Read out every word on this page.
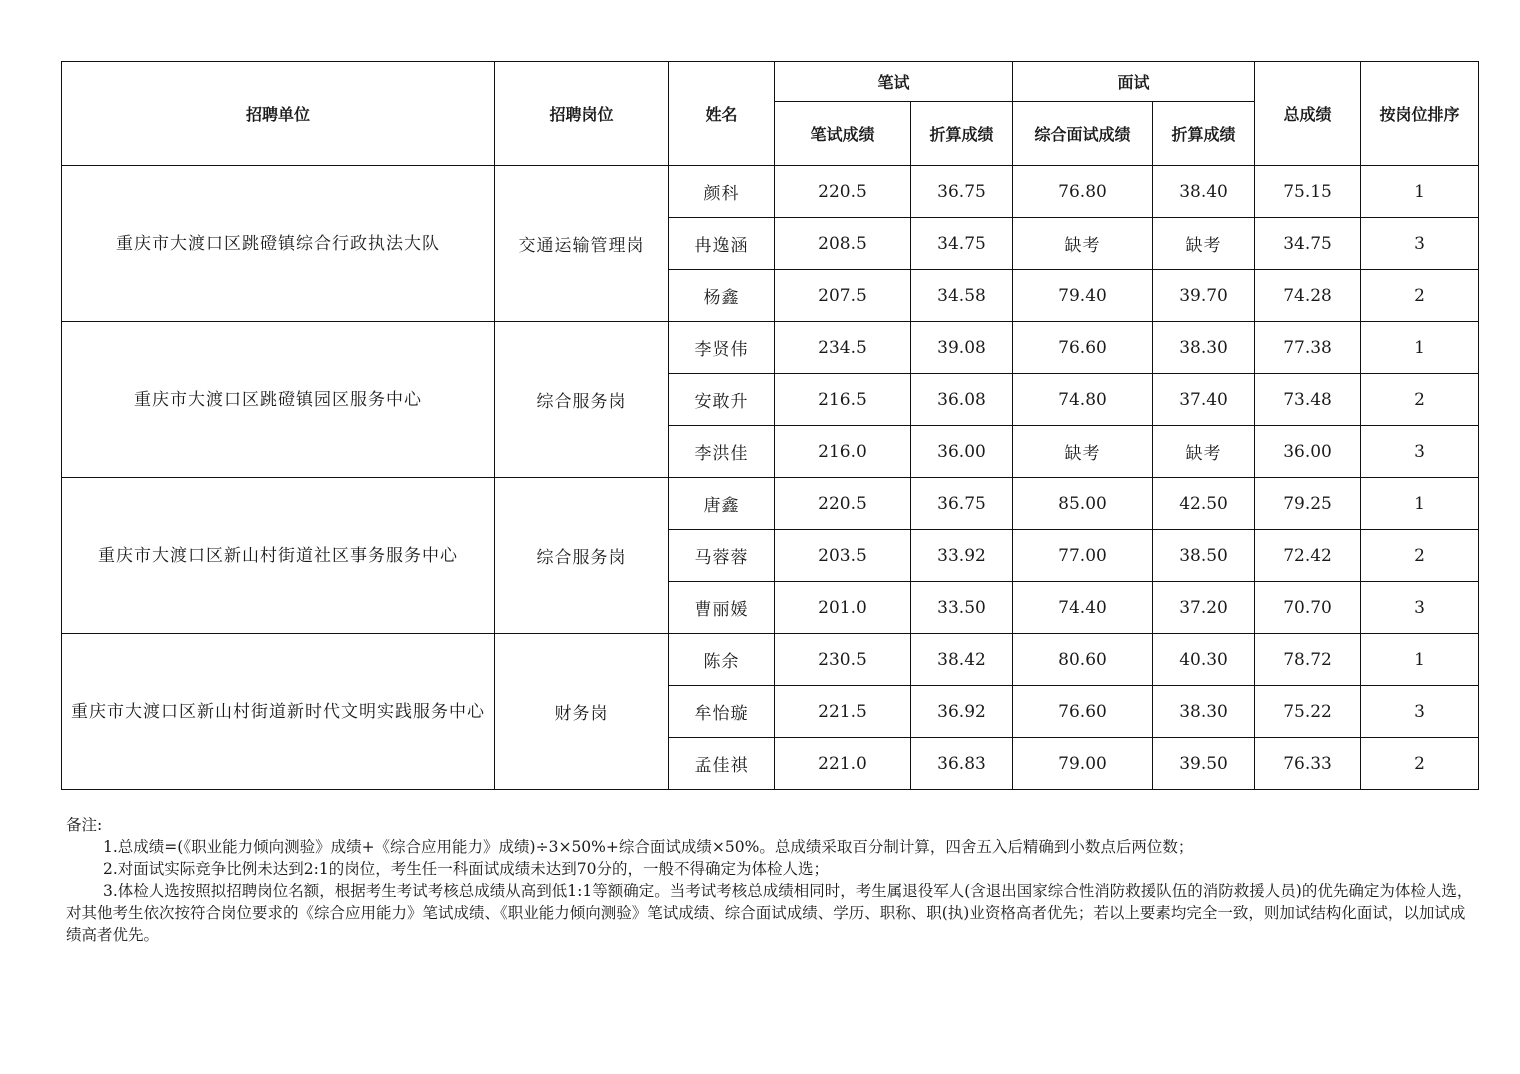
招聘单位	招聘岗位	姓名	笔试		面试		总成绩	按岗位排序
			笔试成绩	折算成绩	综合面试成绩	折算成绩		
重庆市大渡口区跳磴镇综合行政执法大队	交通运输管理岗	颜科	220.5	36.75	76.80	38.40	75.15	1
		冉逸涵	208.5	34.75	缺考	缺考	34.75	3
		杨鑫	207.5	34.58	79.40	39.70	74.28	2
重庆市大渡口区跳磴镇园区服务中心	综合服务岗	李贤伟	234.5	39.08	76.60	38.30	77.38	1
		安敢升	216.5	36.08	74.80	37.40	73.48	2
		李洪佳	216.0	36.00	缺考	缺考	36.00	3
重庆市大渡口区新山村街道社区事务服务中心	综合服务岗	唐鑫	220.5	36.75	85.00	42.50	79.25	1
		马蓉蓉	203.5	33.92	77.00	38.50	72.42	2
		曹丽媛	201.0	33.50	74.40	37.20	70.70	3
重庆市大渡口区新山村街道新时代文明实践服务中心	财务岗	陈余	230.5	38.42	80.60	40.30	78.72	1
		牟怡璇	221.5	36.92	76.60	38.30	75.22	3
		孟佳祺	221.0	36.83	79.00	39.50	76.33	2

备注:

1.总成绩=(《职业能力倾向测验》成绩+《综合应用能力》成绩)÷3×50%+综合面试成绩×50%。总成绩采取百分制计算，四舍五入后精确到小数点后两位数；

2.对面试实际竞争比例未达到2:1的岗位，考生任一科面试成绩未达到70分的，一般不得确定为体检人选；

3.体检人选按照拟招聘岗位名额，根据考生考试考核总成绩从高到低1:1等额确定。当考试考核总成绩相同时，考生属退役军人(含退出国家综合性消防救援队伍的消防救援人员)的优先确定为体检人选，对其他考生依次按符合岗位要求的《综合应用能力》笔试成绩、《职业能力倾向测验》笔试成绩、综合面试成绩、学历、职称、职(执)业资格高者优先；若以上要素均完全一致，则加试结构化面试，以加试成绩高者优先。
